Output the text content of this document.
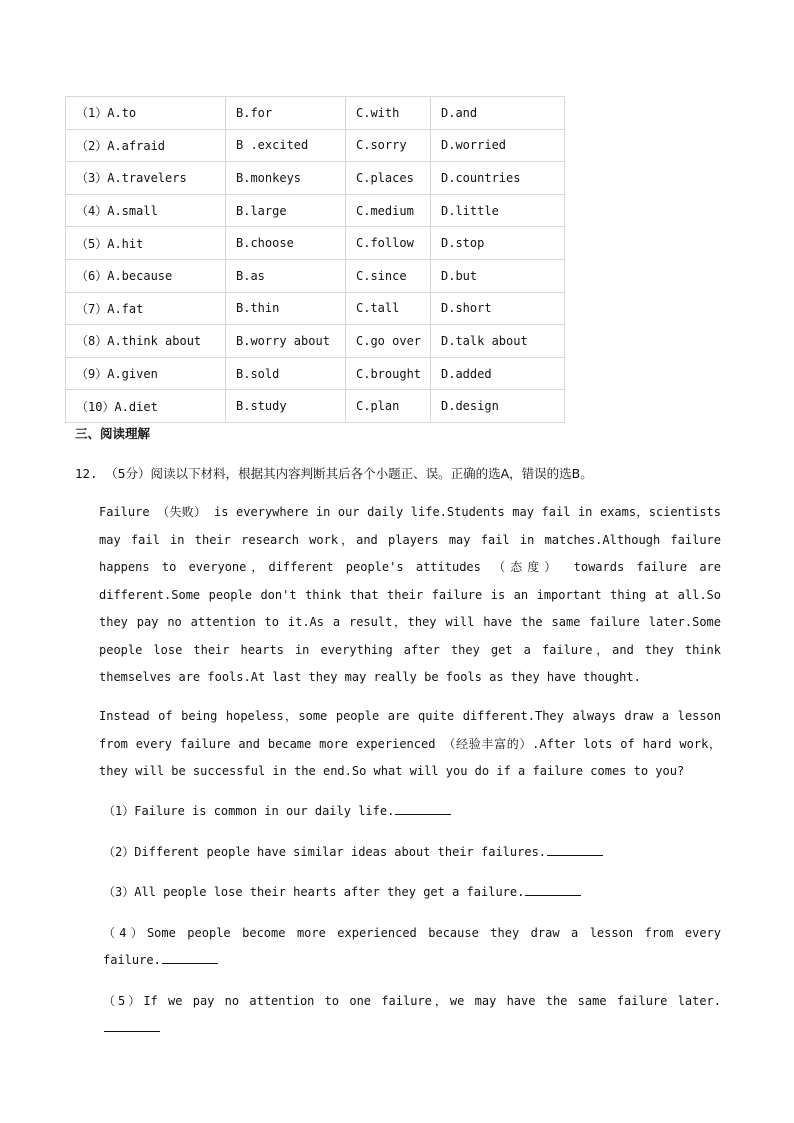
（1）A.to	B.for	C.with	D.and
（2）A.afraid	B .excited	C.sorry	D.worried
（3）A.travelers	B.monkeys	C.places	D.countries
（4）A.small	B.large	C.medium	D.little
（5）A.hit	B.choose	C.follow	D.stop
（6）A.because	B.as	C.since	D.but
（7）A.fat	B.thin	C.tall	D.short
（8）A.think about	B.worry about	C.go over	D.talk about
（9）A.given	B.sold	C.brought	D.added
（10）A.diet	B.study	C.plan	D.design
三、阅读理解
12. （5分）阅读以下材料，根据其内容判断其后各个小题正、误。正确的选A，错误的选B。

Failure （失败） is everywhere in our daily life.Students may fail in exams，scientists may fail in their research work，and players may fail in matches.Although failure happens to everyone，different people's attitudes （态度） towards failure are different.Some people don't think that their failure is an important thing at all.So they pay no attention to it.As a result，they will have the same failure later.Some people lose their hearts in everything after they get a failure，and they think themselves are fools.At last they may really be fools as they have thought.

Instead of being hopeless，some people are quite different.They always draw a lesson from every failure and became more experienced （经验丰富的）.After lots of hard work，they will be successful in the end.So what will you do if a failure comes to you?

（1）Failure is common in our daily life.

（2）Different people have similar ideas about their failures.

（3）All people lose their hearts after they get a failure.

（4）Some people become more experienced because they draw a lesson from every failure.

（5）If we pay no attention to one failure，we may have the same failure later.
